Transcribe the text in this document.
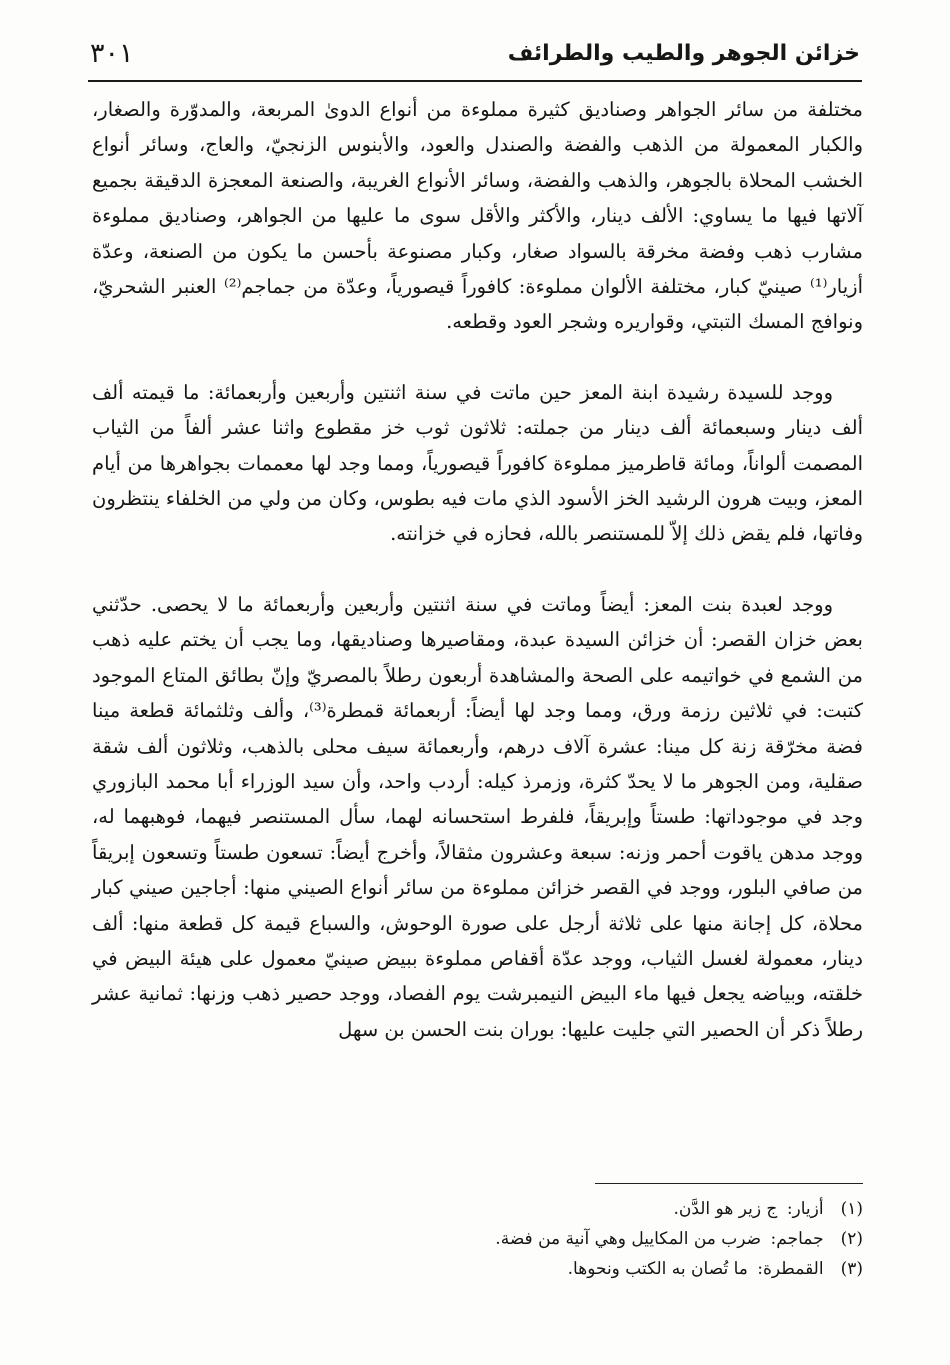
خزائن الجوهر والطيب والطرائف
٣٠١

مختلفة من سائر الجواهر وصناديق كثيرة مملوءة من أنواع الدوىٰ المربعة، والمدوّرة والصغار، والكبار المعمولة من الذهب والفضة والصندل والعود، والأبنوس الزنجيّ، والعاج، وسائر أنواع الخشب المحلاة بالجوهر، والذهب والفضة، وسائر الأنواع الغريبة، والصنعة المعجزة الدقيقة بجميع آلاتها فيها ما يساوي: الألف دينار، والأكثر والأقل سوى ما عليها من الجواهر، وصناديق مملوءة مشارب ذهب وفضة مخرقة بالسواد صغار، وكبار مصنوعة بأحسن ما يكون من الصنعة، وعدّة أزيار⁽¹⁾ صينيّ كبار، مختلفة الألوان مملوءة: كافوراً قيصورياً، وعدّة من جماجم⁽²⁾ العنبر الشحريّ، ونوافج المسك التبتي، وقواريره وشجر العود وقطعه.

ووجد للسيدة رشيدة ابنة المعز حين ماتت في سنة اثنتين وأربعين وأربعمائة: ما قيمته ألف ألف دينار وسبعمائة ألف دينار من جملته: ثلاثون ثوب خز مقطوع واثنا عشر ألفاً من الثياب المصمت ألواناً، ومائة قاطرميز مملوءة كافوراً قيصورياً، ومما وجد لها معممات بجواهرها من أيام المعز، وبيت هرون الرشيد الخز الأسود الذي مات فيه بطوس، وكان من ولي من الخلفاء ينتظرون وفاتها، فلم يقض ذلك إلاّ للمستنصر بالله، فحازه في خزانته.

ووجد لعبدة بنت المعز: أيضاً وماتت في سنة اثنتين وأربعين وأربعمائة ما لا يحصى. حدّثني بعض خزان القصر: أن خزائن السيدة عبدة، ومقاصيرها وصناديقها، وما يجب أن يختم عليه ذهب من الشمع في خواتيمه على الصحة والمشاهدة أربعون رطلاً بالمصريّ وإنّ بطائق المتاع الموجود كتبت: في ثلاثين رزمة ورق، ومما وجد لها أيضاً: أربعمائة قمطرة⁽³⁾، وألف وثلثمائة قطعة مينا فضة مخرّقة زنة كل مينا: عشرة آلاف درهم، وأربعمائة سيف محلى بالذهب، وثلاثون ألف شقة صقلية، ومن الجوهر ما لا يحدّ كثرة، وزمرذ كيله: أردب واحد، وأن سيد الوزراء أبا محمد البازوري وجد في موجوداتها: طستاً وإبريقاً، فلفرط استحسانه لهما، سأل المستنصر فيهما، فوهبهما له، ووجد مدهن ياقوت أحمر وزنه: سبعة وعشرون مثقالاً، وأخرج أيضاً: تسعون طستاً وتسعون إبريقاً من صافي البلور، ووجد في القصر خزائن مملوءة من سائر أنواع الصيني منها: أجاجين صيني كبار محلاة، كل إجانة منها على ثلاثة أرجل على صورة الوحوش، والسباع قيمة كل قطعة منها: ألف دينار، معمولة لغسل الثياب، ووجد عدّة أقفاص مملوءة ببيض صينيّ معمول على هيئة البيض في خلقته، وبياضه يجعل فيها ماء البيض النيمبرشت يوم الفصاد، ووجد حصير ذهب وزنها: ثمانية عشر رطلاً ذكر أن الحصير التي جليت عليها: بوران بنت الحسن بن سهل

(١) أزيار: ج زير هو الدَّن.
(٢) جماجم: ضرب من المكاييل وهي آنية من فضة.
(٣) القمطرة: ما تُصان به الكتب ونحوها.
